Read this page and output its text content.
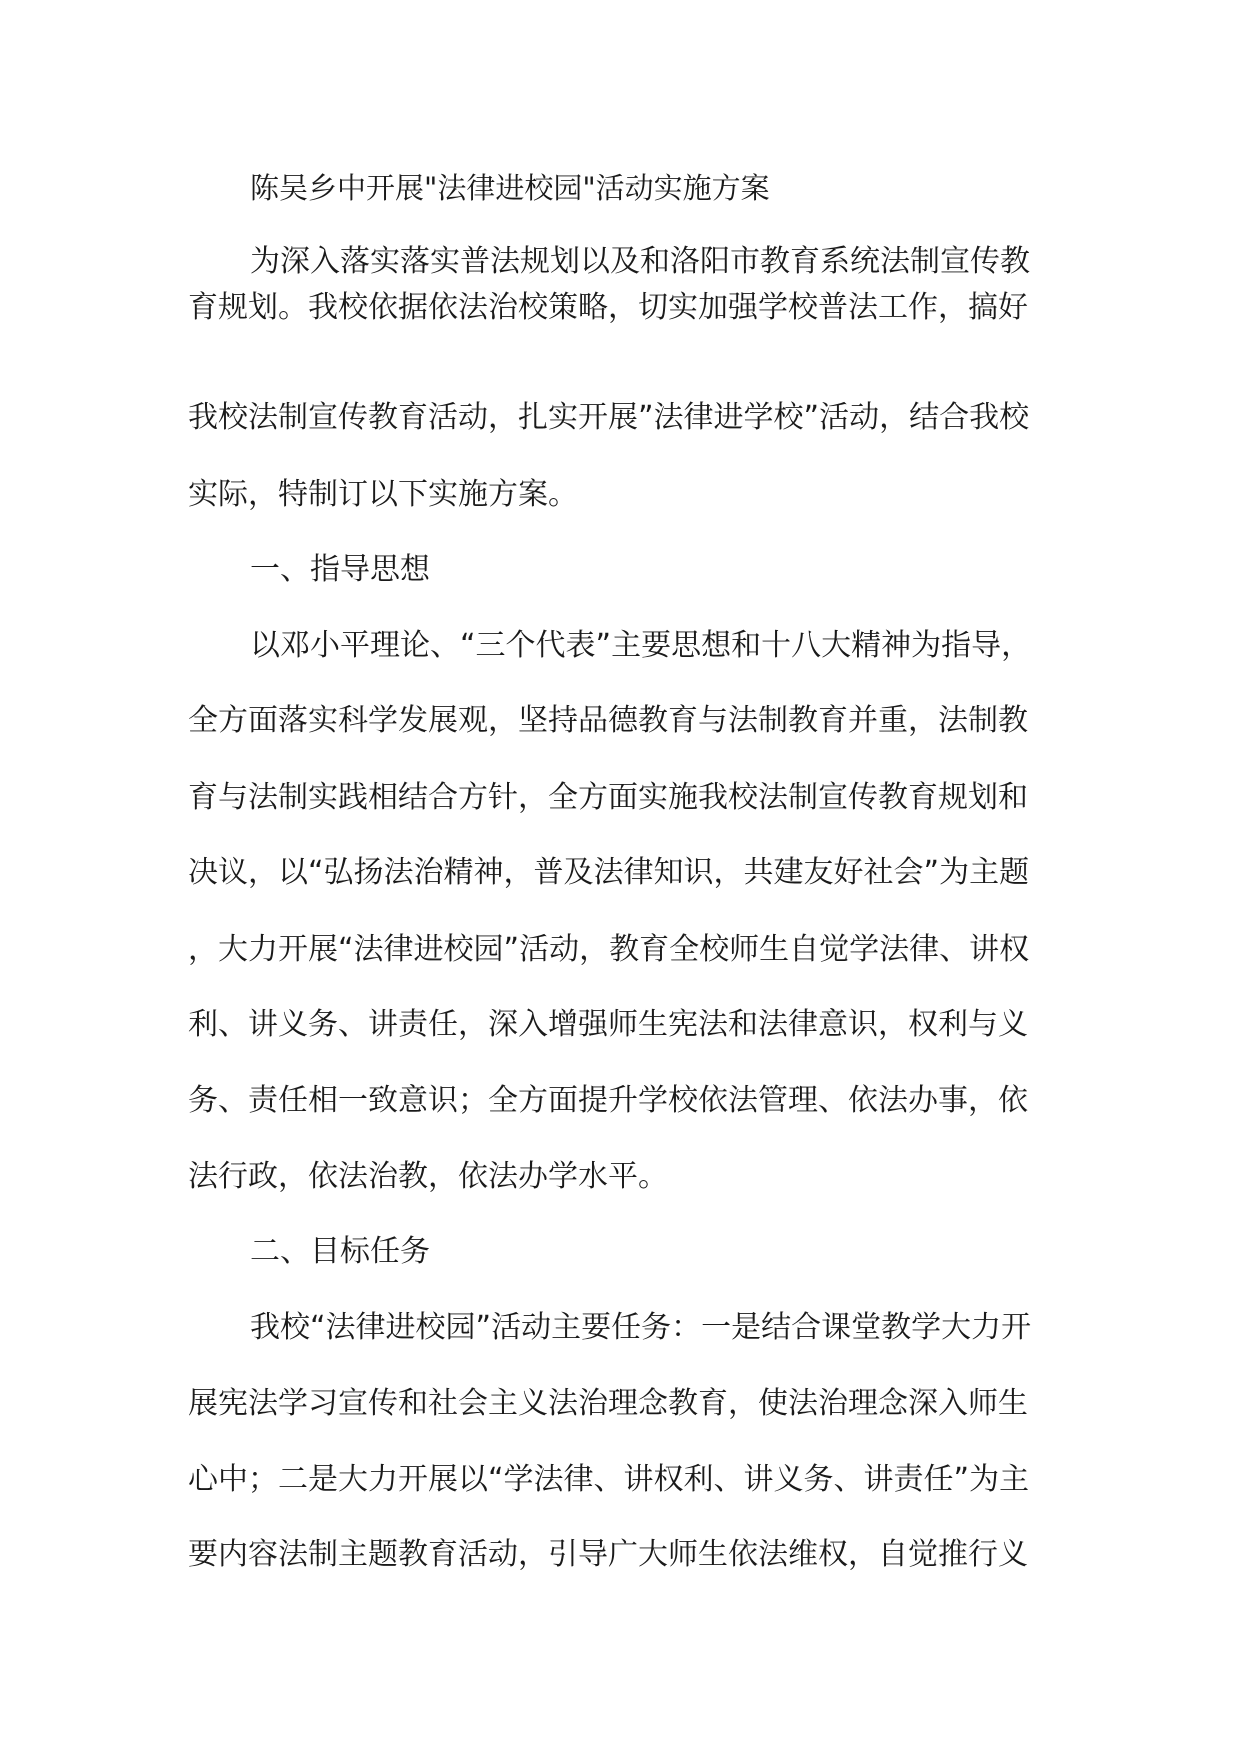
陈吴乡中开展"法律进校园"活动实施方案

为深入落实落实普法规划以及和洛阳市教育系统法制宣传教

育规划。我校依据依法治校策略，切实加强学校普法工作，搞好

我校法制宣传教育活动，扎实开展”法律进学校”活动，结合我校

实际，特制订以下实施方案。

一、指导思想

以邓小平理论、“三个代表”主要思想和十八大精神为指导，

全方面落实科学发展观，坚持品德教育与法制教育并重，法制教

育与法制实践相结合方针，全方面实施我校法制宣传教育规划和

决议，以“弘扬法治精神，普及法律知识，共建友好社会”为主题

，大力开展“法律进校园”活动，教育全校师生自觉学法律、讲权

利、讲义务、讲责任，深入增强师生宪法和法律意识，权利与义

务、责任相一致意识；全方面提升学校依法管理、依法办事，依

法行政，依法治教，依法办学水平。

二、目标任务

我校“法律进校园”活动主要任务：一是结合课堂教学大力开

展宪法学习宣传和社会主义法治理念教育，使法治理念深入师生

心中；二是大力开展以“学法律、讲权利、讲义务、讲责任”为主

要内容法制主题教育活动，引导广大师生依法维权，自觉推行义
